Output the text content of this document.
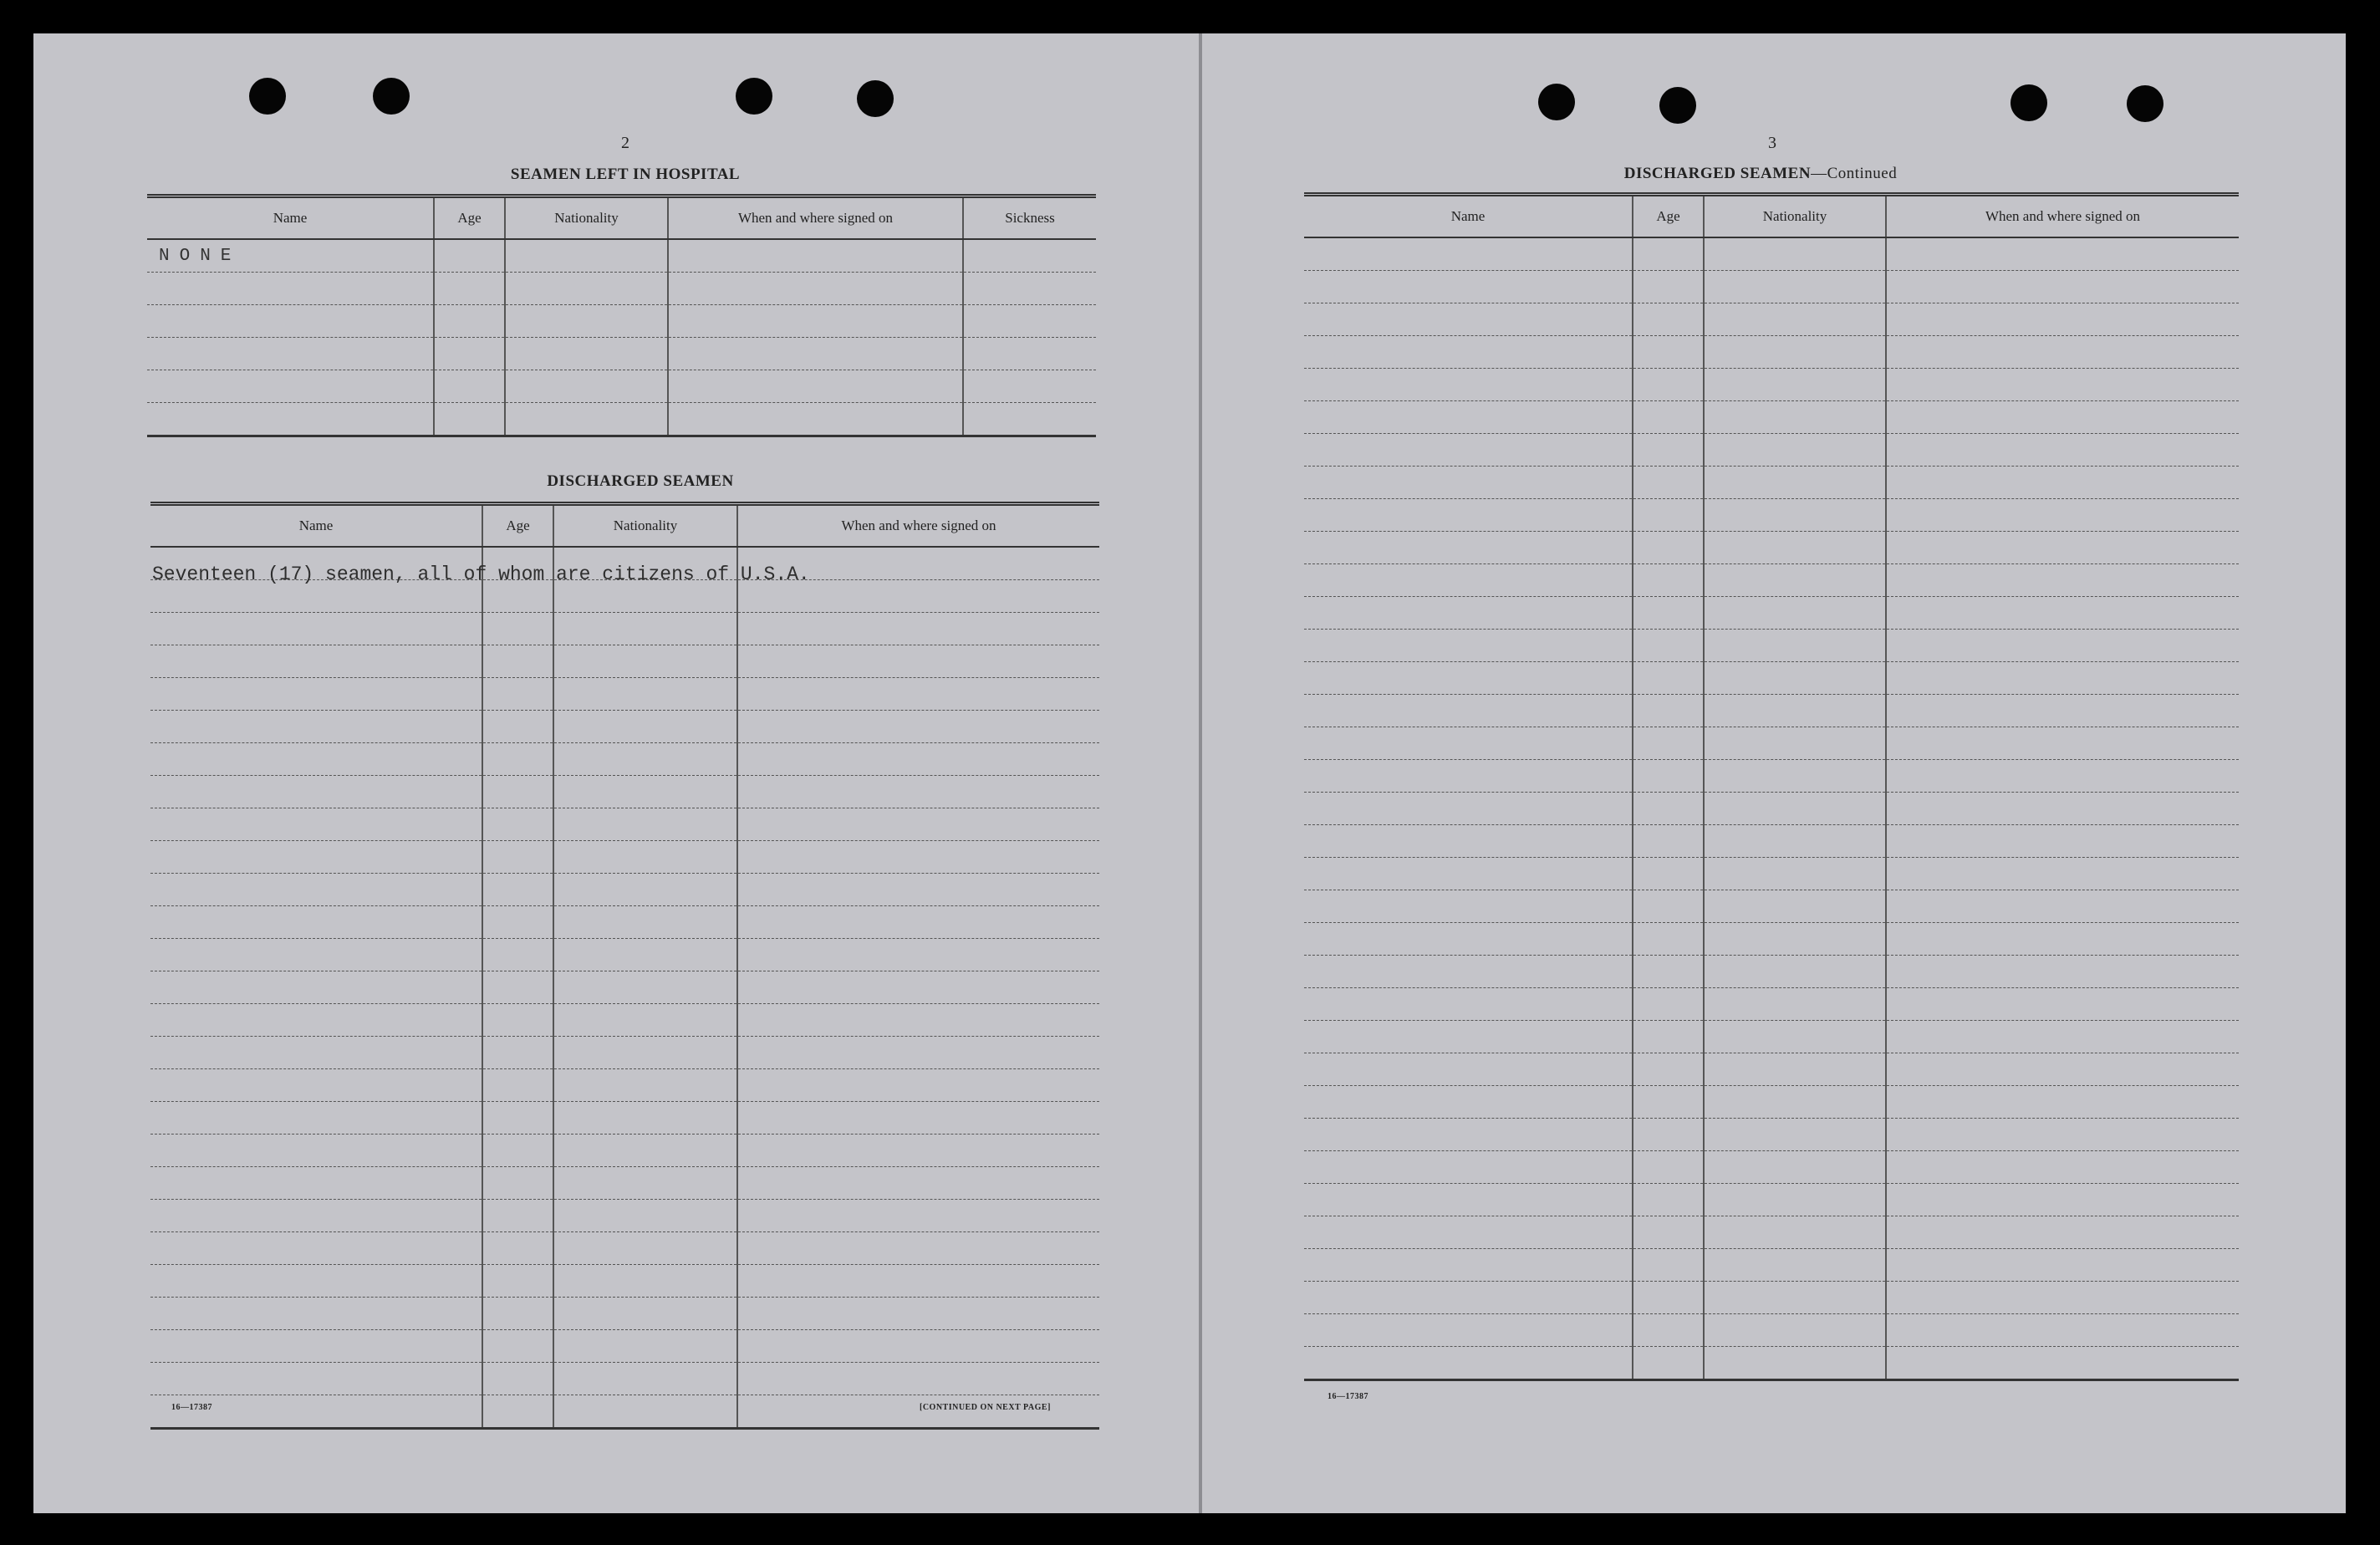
2
SEAMEN LEFT IN HOSPITAL
Name	Age	Nationality	When and where signed on	Sickness
NONE				

DISCHARGED SEAMEN
Name	Age	Nationality	When and where signed on

Seventeen (17) seamen, all of whom are citizens of U.S.A.
16—17387	[CONTINUED ON NEXT PAGE]
3
DISCHARGED SEAMEN—Continued
Name	Age	Nationality	When and where signed on

16—17387
